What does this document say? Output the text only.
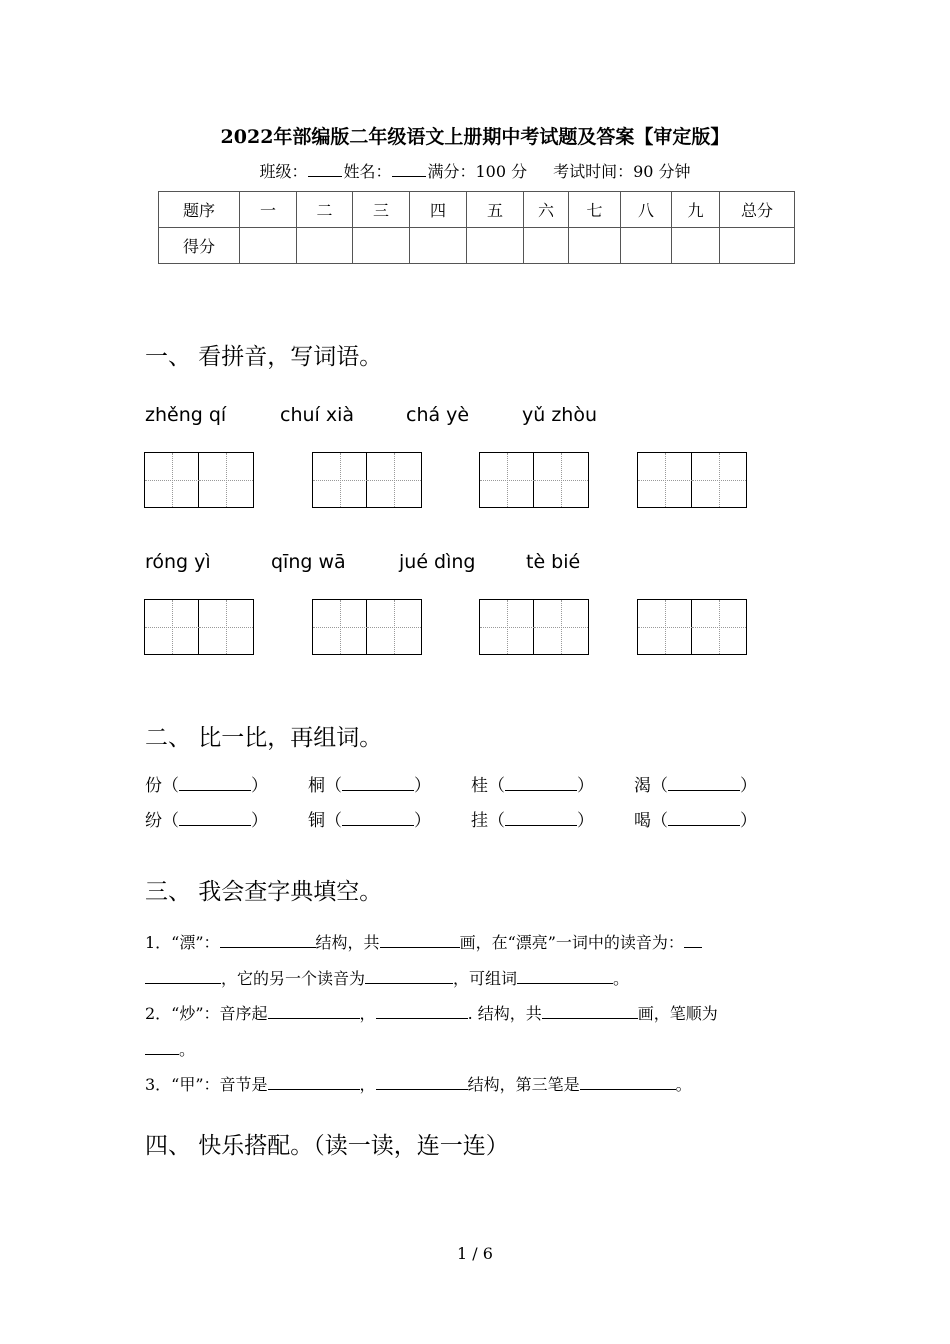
2022年部编版二年级语文上册期中考试题及答案【审定版】
班级： 姓名： 满分：100 分 考试时间：90 分钟
题序	一	二	三	四	五	六	七	八	九	总分
得分										
一、 看拼音，写词语。
zhěng qí	chuí xià	chá yè	yǔ zhòu
róng yì	qīng wā	jué dìng	tè bié
二、 比一比，再组词。
份（	） 桐（	） 桂（	） 渴（	）
纷（	） 铜（	） 挂（	） 喝（	）
三、 我会查字典填空。
1．“漂”：	结构，共	画，在“漂亮”一词中的读音为：
，它的另一个读音为	，可组词	。
2．“炒”：音序起	，	. 结构，共	画，笔顺为
。
3．“甲”：音节是	，	结构，第三笔是	。
四、 快乐搭配。（读一读，连一连）
1 / 6
